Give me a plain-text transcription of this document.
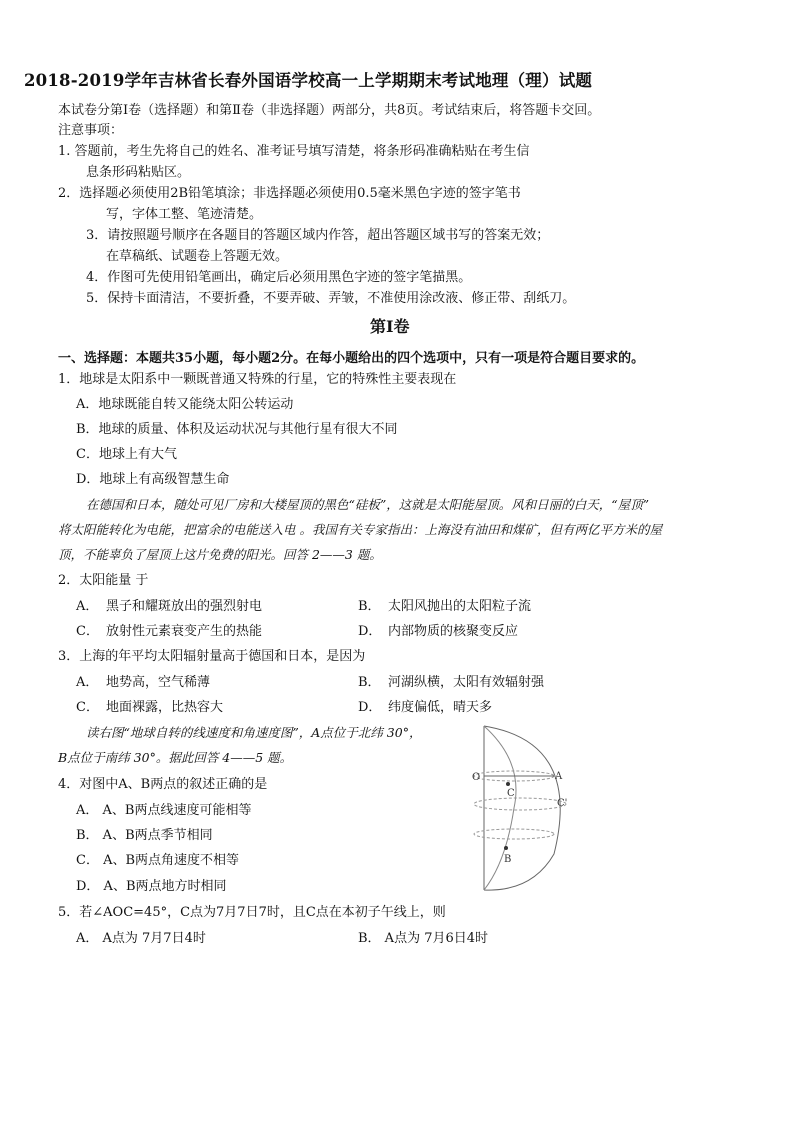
2018-2019学年吉林省长春外国语学校高一上学期期末考试地理（理）试题
本试卷分第Ⅰ卷（选择题）和第Ⅱ卷（非选择题）两部分，共8页。考试结束后，将答题卡交回。
注意事项：
1. 答题前，考生先将自己的姓名、准考证号填写清楚，将条形码准确粘贴在考生信
息条形码粘贴区。
2．选择题必须使用2B铅笔填涂；非选择题必须使用0.5毫米黑色字迹的签字笔书
写，字体工整、笔迹清楚。
3．请按照题号顺序在各题目的答题区域内作答，超出答题区域书写的答案无效；
在草稿纸、试题卷上答题无效。
4．作图可先使用铅笔画出，确定后必须用黑色字迹的签字笔描黑。
5．保持卡面清洁，不要折叠，不要弄破、弄皱，不准使用涂改液、修正带、刮纸刀。
第Ⅰ卷
一、选择题：本题共35小题，每小题2分。在每小题给出的四个选项中，只有一项是符合题目要求的。
1．地球是太阳系中一颗既普通又特殊的行星，它的特殊性主要表现在
A．地球既能自转又能绕太阳公转运动
B．地球的质量、体积及运动状况与其他行星有很大不同
C．地球上有大气
D．地球上有高级智慧生命
在德国和日本，随处可见厂房和大楼屋顶的黑色“硅板”，这就是太阳能屋顶。风和日丽的白天，“屋顶”
将太阳能转化为电能，把富余的电能送入电 。我国有关专家指出：上海没有油田和煤矿，但有两亿平方米的屋
顶，不能辜负了屋顶上这片免费的阳光。回答 2——3 题。
2．太阳能量 于
A． 黑子和耀斑放出的强烈射电	B． 太阳风抛出的太阳粒子流
C． 放射性元素衰变产生的热能	D． 内部物质的核聚变反应
3．上海的年平均太阳辐射量高于德国和日本，是因为
A． 地势高，空气稀薄	B． 河湖纵横，太阳有效辐射强
C． 地面裸露，比热容大	D． 纬度偏低，晴天多
读右图“地球自转的线速度和角速度图”，A点位于北纬 30°，
B点位于南纬 30°。据此回答 4——5 题。
O	A
C
C'
B
4．对图中A、B两点的叙述正确的是
A． A、B两点线速度可能相等
B． A、B两点季节相同
C． A、B两点角速度不相等
D． A、B两点地方时相同
5．若∠AOC=45°，C点为7月7日7时，且C点在本初子午线上，则
A． A点为 7月7日4时	B． A点为 7月6日4时
